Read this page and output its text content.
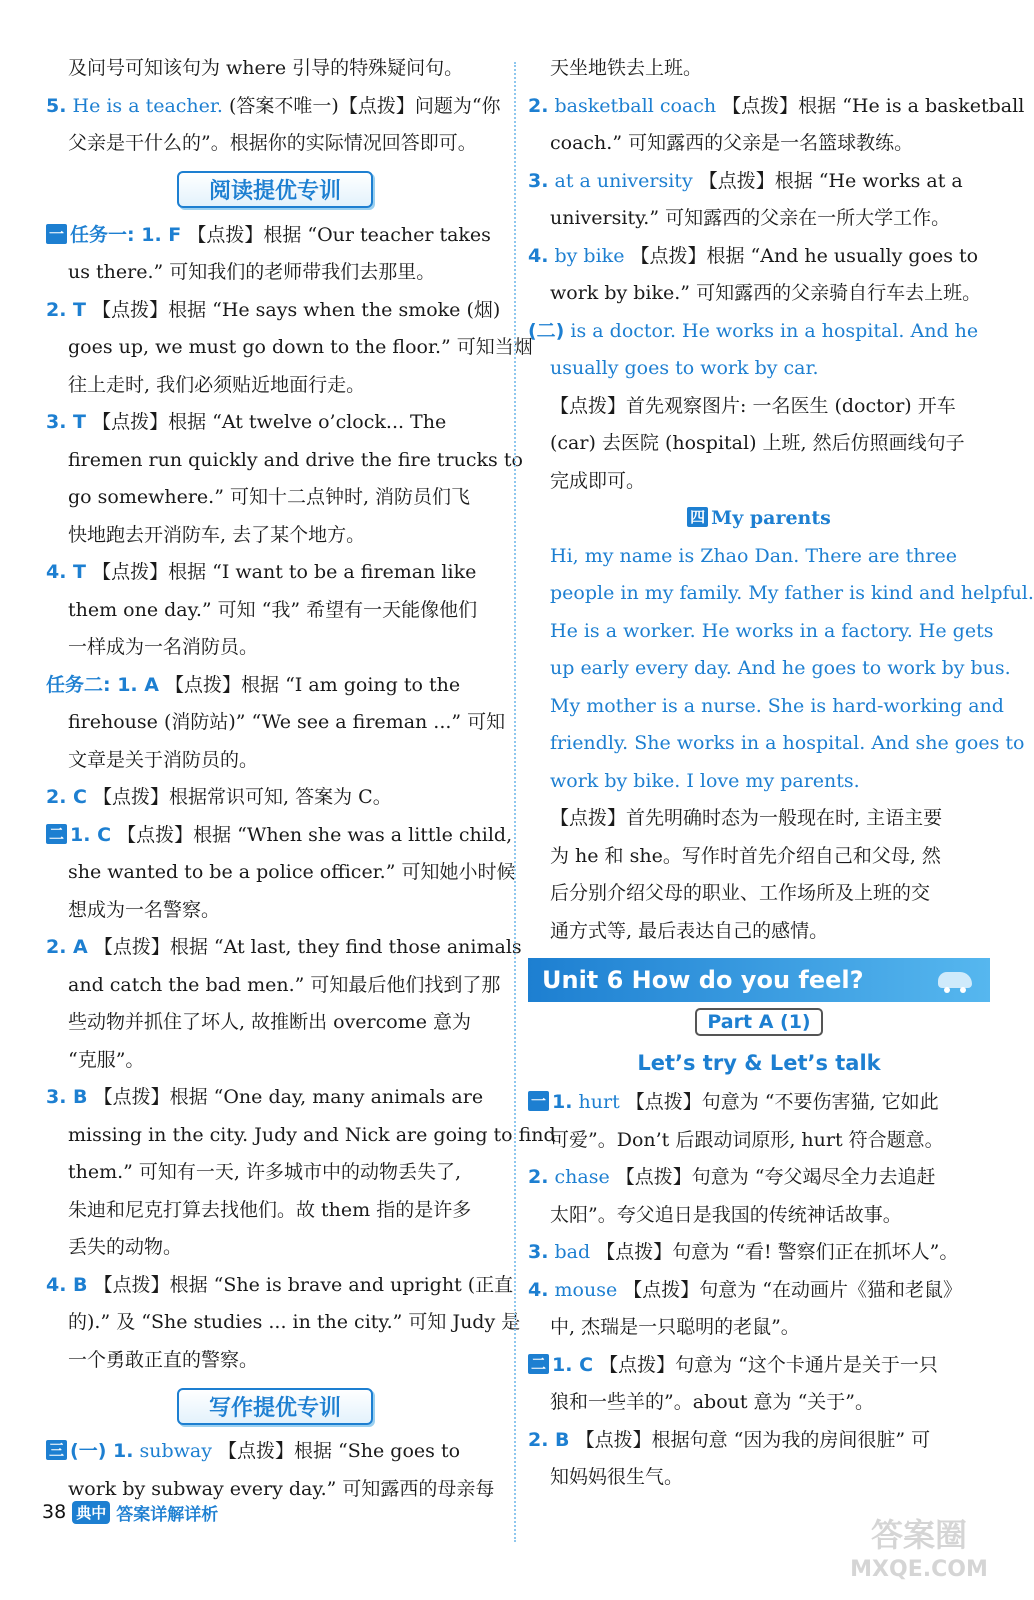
及问号可知该句为 where 引导的特殊疑问句。

5. He is a teacher. (答案不唯一)【点拨】问题为“你

父亲是干什么的”。根据你的实际情况回答即可。

阅读提优专训

一 任务一: 1. F 【点拨】根据 “Our teacher takes

us there.” 可知我们的老师带我们去那里。

2. T 【点拨】根据 “He says when the smoke (烟)

goes up, we must go down to the floor.” 可知当烟

往上走时, 我们必须贴近地面行走。

3. T 【点拨】根据 “At twelve o’clock... The

firemen run quickly and drive the fire trucks to

go somewhere.” 可知十二点钟时, 消防员们飞

快地跑去开消防车, 去了某个地方。

4. T 【点拨】根据 “I want to be a fireman like

them one day.” 可知 “我” 希望有一天能像他们

一样成为一名消防员。

任务二: 1. A 【点拨】根据 “I am going to the

firehouse (消防站)” “We see a fireman ...” 可知

文章是关于消防员的。

2. C 【点拨】根据常识可知, 答案为 C。

二 1. C 【点拨】根据 “When she was a little child,

she wanted to be a police officer.” 可知她小时候

想成为一名警察。

2. A 【点拨】根据 “At last, they find those animals

and catch the bad men.” 可知最后他们找到了那

些动物并抓住了坏人, 故推断出 overcome 意为

“克服”。

3. B 【点拨】根据 “One day, many animals are

missing in the city. Judy and Nick are going to find

them.” 可知有一天, 许多城市中的动物丢失了,

朱迪和尼克打算去找他们。故 them 指的是许多

丢失的动物。

4. B 【点拨】根据 “She is brave and upright (正直

的).” 及 “She studies ... in the city.” 可知 Judy 是

一个勇敢正直的警察。

写作提优专训

三 (一) 1. subway 【点拨】根据 “She goes to

work by subway every day.” 可知露西的母亲每

天坐地铁去上班。

2. basketball coach 【点拨】根据 “He is a basketball

coach.” 可知露西的父亲是一名篮球教练。

3. at a university 【点拨】根据 “He works at a

university.” 可知露西的父亲在一所大学工作。

4. by bike 【点拨】根据 “And he usually goes to

work by bike.” 可知露西的父亲骑自行车去上班。

(二) is a doctor. He works in a hospital. And he

usually goes to work by car.

【点拨】首先观察图片: 一名医生 (doctor) 开车

(car) 去医院 (hospital) 上班, 然后仿照画线句子

完成即可。

四 My parents

Hi, my name is Zhao Dan. There are three

people in my family. My father is kind and helpful.

He is a worker. He works in a factory. He gets

up early every day. And he goes to work by bus.

My mother is a nurse. She is hard-working and

friendly. She works in a hospital. And she goes to

work by bike. I love my parents.

【点拨】首先明确时态为一般现在时, 主语主要

为 he 和 she。写作时首先介绍自己和父母, 然

后分别介绍父母的职业、工作场所及上班的交

通方式等, 最后表达自己的感情。

Unit 6 How do you feel?
Part A (1)
Let’s try & Let’s talk

一 1. hurt 【点拨】句意为 “不要伤害猫, 它如此

可爱”。Don’t 后跟动词原形, hurt 符合题意。

2. chase 【点拨】句意为 “夸父竭尽全力去追赶

太阳”。夸父追日是我国的传统神话故事。

3. bad 【点拨】句意为 “看! 警察们正在抓坏人”。

4. mouse 【点拨】句意为 “在动画片《猫和老鼠》

中, 杰瑞是一只聪明的老鼠”。

二 1. C 【点拨】句意为 “这个卡通片是关于一只

狼和一些羊的”。about 意为 “关于”。

2. B 【点拨】根据句意 “因为我的房间很脏” 可

知妈妈很生气。

38 典中 答案详解详析
答案圈
MXQE.COM
